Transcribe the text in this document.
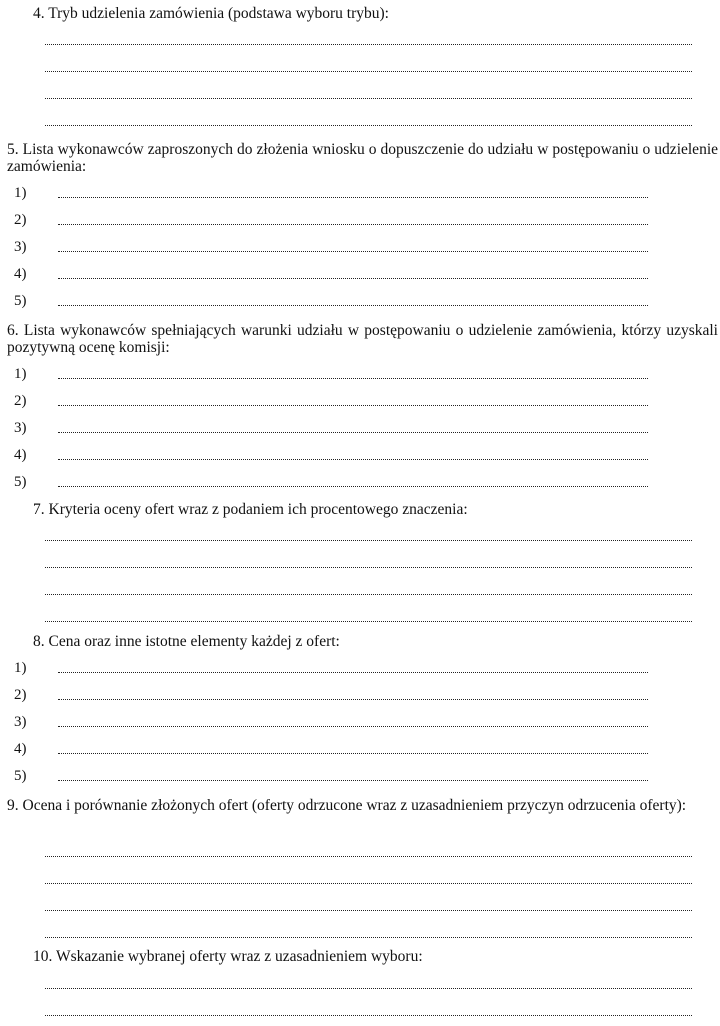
4. Tryb udzielenia zamówienia (podstawa wyboru trybu):
5. Lista wykonawców zaproszonych do złożenia wniosku o dopuszczenie do udziału w postępowaniu o udzielenie zamówienia:
1)
2)
3)
4)
5)
6. Lista wykonawców spełniających warunki udziału w postępowaniu o udzielenie zamówienia, którzy uzyskali pozytywną ocenę komisji:
1)
2)
3)
4)
5)
7. Kryteria oceny ofert wraz z podaniem ich procentowego znaczenia:
8. Cena oraz inne istotne elementy każdej z ofert:
1)
2)
3)
4)
5)
9. Ocena i porównanie złożonych ofert (oferty odrzucone wraz z uzasadnieniem przyczyn odrzucenia oferty):
10. Wskazanie wybranej oferty wraz z uzasadnieniem wyboru:
